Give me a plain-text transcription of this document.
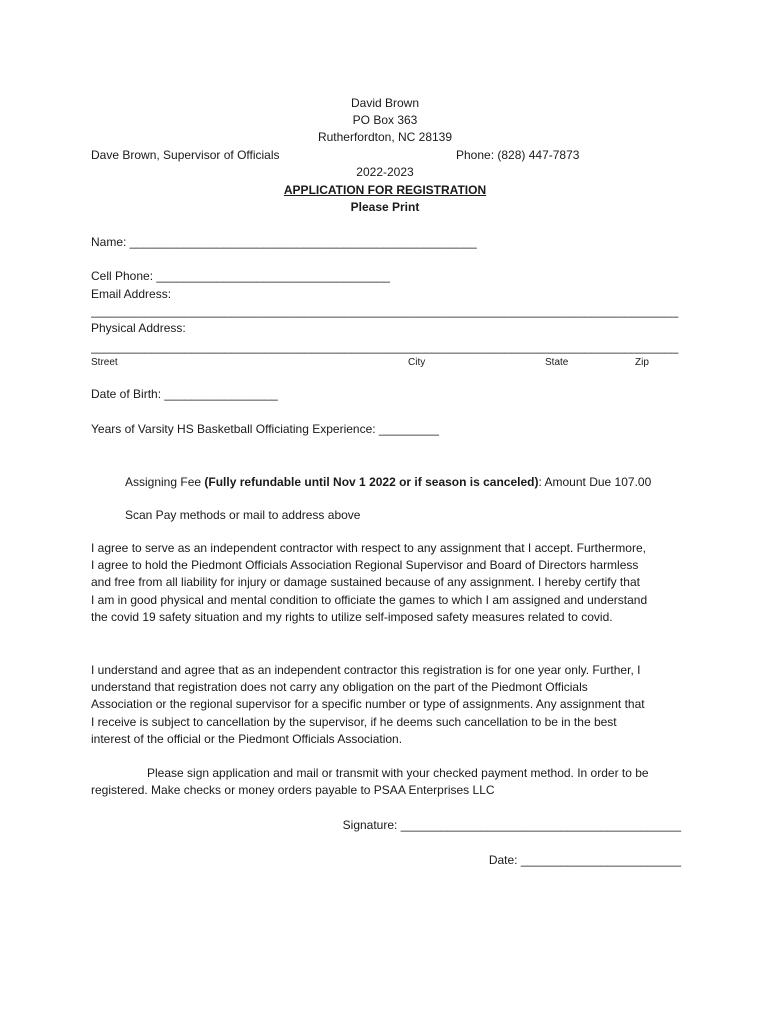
David Brown
PO Box 363
Rutherfordton, NC 28139
Dave Brown, Supervisor of Officials	Phone: (828) 447-7873
2022-2023
APPLICATION FOR REGISTRATION
Please Print
Name: ____________________________________________________
Cell Phone: ___________________________________
Email Address:
________________________________________________________________________________________
Physical Address:
________________________________________________________________________________________
Street	City	State	Zip
Date of Birth: _________________
Years of Varsity HS Basketball Officiating Experience: _________
Assigning Fee (Fully refundable until Nov 1 2022 or if season is canceled): Amount Due 107.00
Scan Pay methods or mail to address above
I agree to serve as an independent contractor with respect to any assignment that I accept. Furthermore,
I agree to hold the Piedmont Officials Association Regional Supervisor and Board of Directors harmless
and free from all liability for injury or damage sustained because of any assignment. I hereby certify that
I am in good physical and mental condition to officiate the games to which I am assigned and understand
the covid 19 safety situation and my rights to utilize self-imposed safety measures related to covid.
I understand and agree that as an independent contractor this registration is for one year only. Further, I
understand that registration does not carry any obligation on the part of the Piedmont Officials
Association or the regional supervisor for a specific number or type of assignments. Any assignment that
I receive is subject to cancellation by the supervisor, if he deems such cancellation to be in the best
interest of the official or the Piedmont Officials Association.
Please sign application and mail or transmit with your checked payment method. In order to be
registered. Make checks or money orders payable to PSAA Enterprises LLC
Signature: __________________________________________
Date: ________________________
